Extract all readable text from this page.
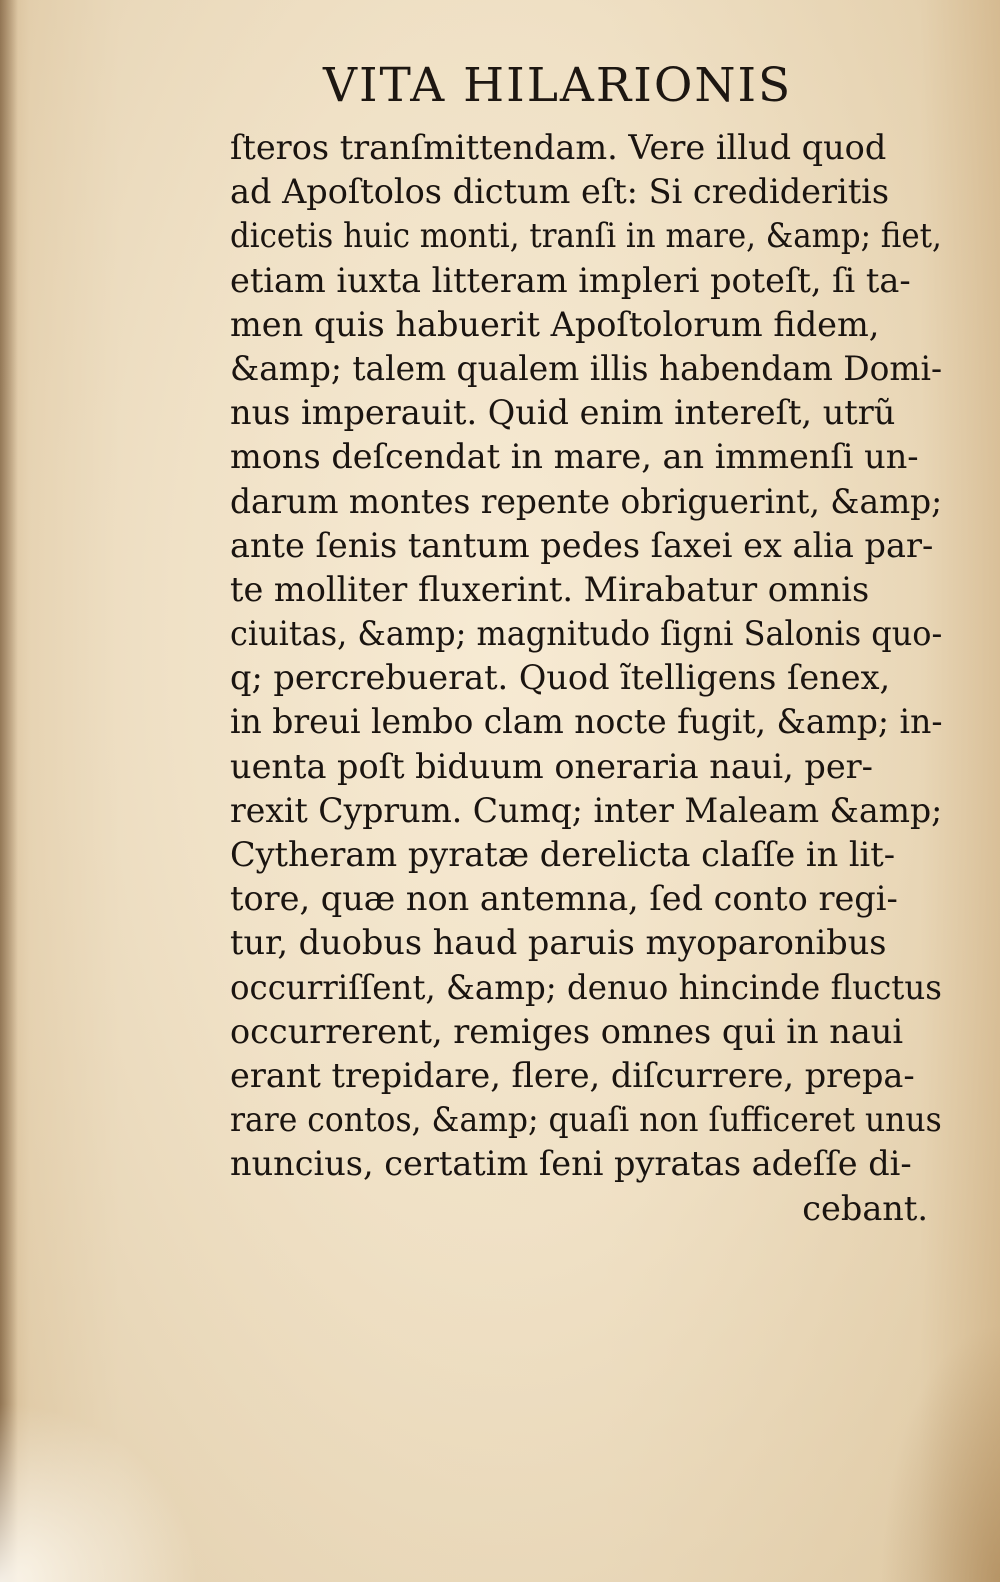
VITA HILARIONIS
ſteros tranſmittendam. Vere illud quod
ad Apoſtolos dictum eſt: Si credideritis
dicetis huic monti, tranſi in mare, &amp; fiet,
etiam iuxta litteram impleri poteſt, ſi ta-
men quis habuerit Apoſtolorum fidem,
&amp; talem qualem illis habendam Domi-
nus imperauit. Quid enim intereſt, utrũ
mons deſcendat in mare, an immenſi un-
darum montes repente obriguerint, &amp;
ante ſenis tantum pedes ſaxei ex alia par-
te molliter fluxerint. Mirabatur omnis
ciuitas, &amp; magnitudo ſigni Salonis quo-
q; percrebuerat. Quod ĩtelligens ſenex,
in breui lembo clam nocte fugit, &amp; in-
uenta poſt biduum oneraria naui, per-
rexit Cyprum. Cumq; inter Maleam &amp;
Cytheram pyratæ derelicta claſſe in lit-
tore, quæ non antemna, ſed conto regi-
tur, duobus haud paruis myoparonibus
occurriſſent, &amp; denuo hincinde fluctus
occurrerent, remiges omnes qui in naui
erant trepidare, flere, diſcurrere, prepa-
rare contos, &amp; quaſi non ſufficeret unus
nuncius, certatim ſeni pyratas adeſſe di-
cebant.
